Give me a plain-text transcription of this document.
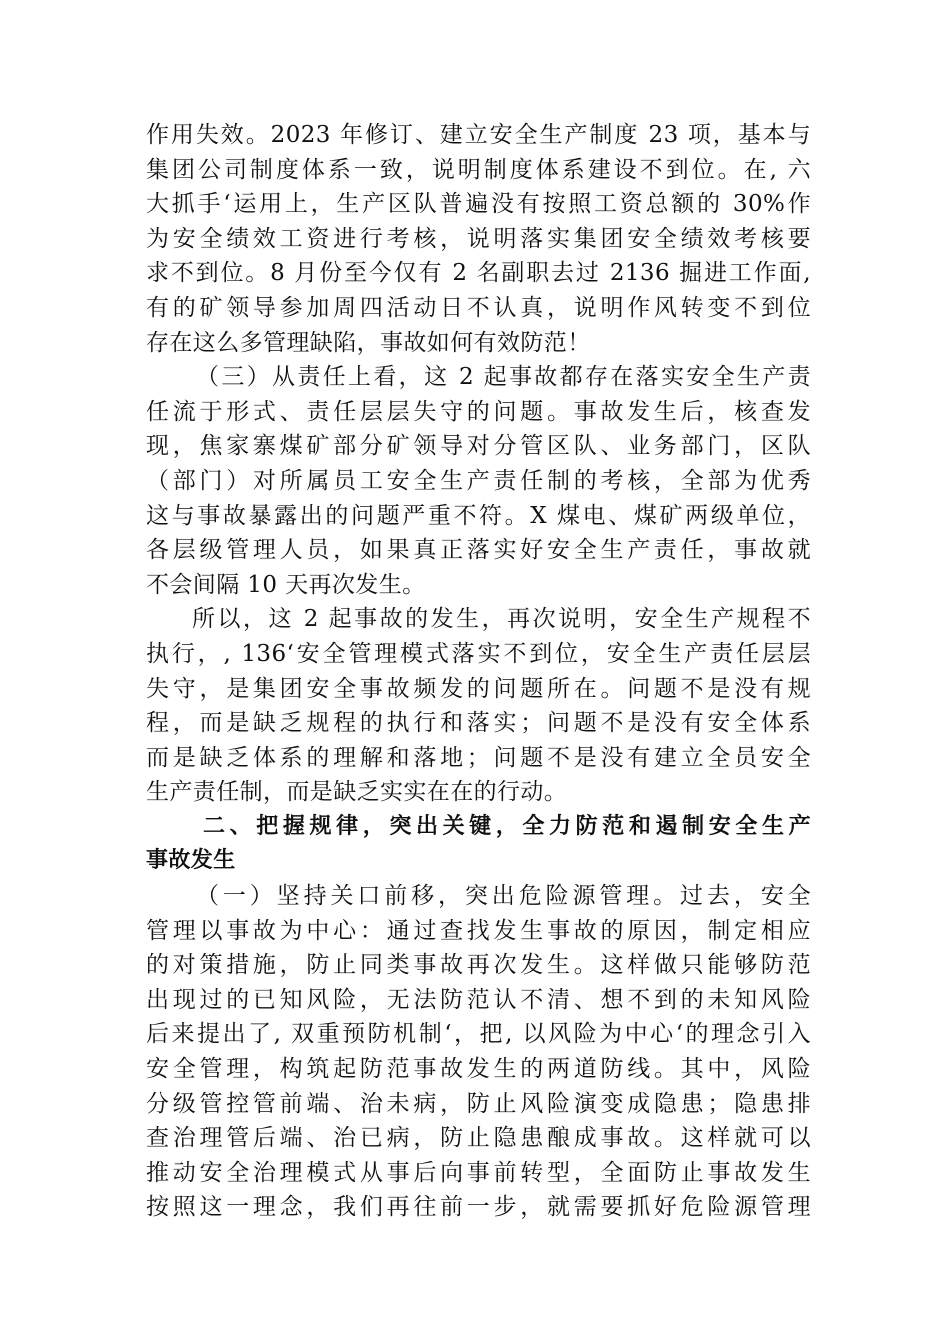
作用失效。2023 年修订、建立安全生产制度 23 项，基本与
集团公司制度体系一致，说明制度体系建设不到位。在, 六
大抓手‘运用上，生产区队普遍没有按照工资总额的 30%作
为安全绩效工资进行考核，说明落实集团安全绩效考核要
求不到位。8 月份至今仅有 2 名副职去过 2136 掘进工作面,
有的矿领导参加周四活动日不认真，说明作风转变不到位
存在这么多管理缺陷，事故如何有效防范！
（三）从责任上看，这 2 起事故都存在落实安全生产责
任流于形式、责任层层失守的问题。事故发生后，核查发
现，焦家寨煤矿部分矿领导对分管区队、业务部门，区队
（部门）对所属员工安全生产责任制的考核，全部为优秀
这与事故暴露出的问题严重不符。X 煤电、煤矿两级单位，
各层级管理人员，如果真正落实好安全生产责任，事故就
不会间隔 10 天再次发生。
所以，这 2 起事故的发生，再次说明，安全生产规程不
执行，, 136‘安全管理模式落实不到位，安全生产责任层层
失守，是集团安全事故频发的问题所在。问题不是没有规
程，而是缺乏规程的执行和落实；问题不是没有安全体系
而是缺乏体系的理解和落地；问题不是没有建立全员安全
生产责任制，而是缺乏实实在在的行动。
二、把握规律，突出关键，全力防范和遏制安全生产
事故发生
（一）坚持关口前移，突出危险源管理。过去，安全
管理以事故为中心：通过查找发生事故的原因，制定相应
的对策措施，防止同类事故再次发生。这样做只能够防范
出现过的已知风险，无法防范认不清、想不到的未知风险
后来提出了, 双重预防机制‘，把, 以风险为中心‘的理念引入
安全管理，构筑起防范事故发生的两道防线。其中，风险
分级管控管前端、治未病，防止风险演变成隐患；隐患排
查治理管后端、治已病，防止隐患酿成事故。这样就可以
推动安全治理模式从事后向事前转型，全面防止事故发生
按照这一理念，我们再往前一步，就需要抓好危险源管理
